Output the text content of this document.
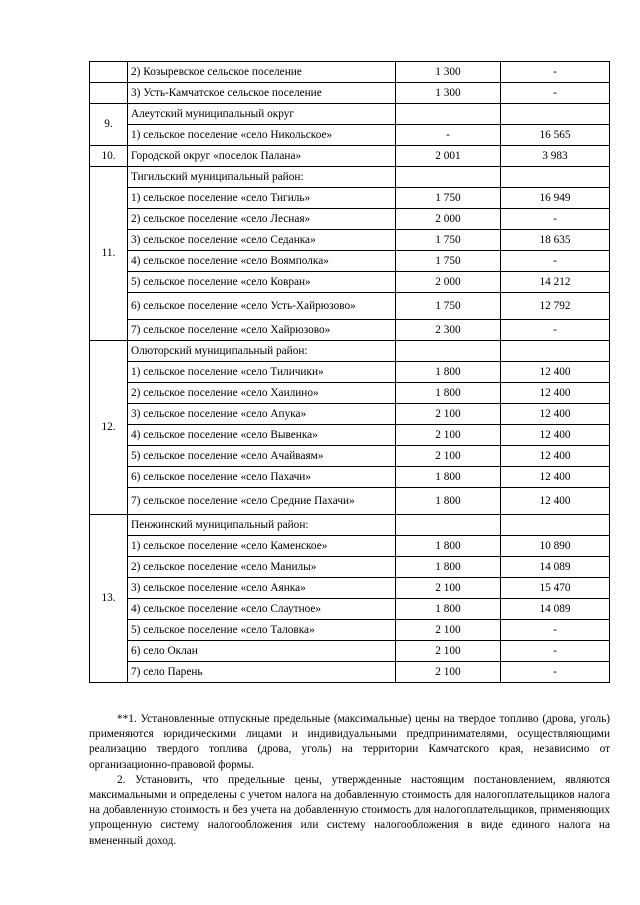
	2) Козыревское сельское поселение	1 300	-
	3) Усть-Камчатское сельское поселение	1 300	-
9.	Алеутский муниципальный округ		
	1) сельское поселение «село Никольское»	-	16 565
10.	Городской округ «поселок Палана»	2 001	3 983
11.	Тигильский муниципальный район:		
	1) сельское поселение «село Тигиль»	1 750	16 949
	2) сельское поселение «село Лесная»	2 000	-
	3) сельское поселение «село Седанка»	1 750	18 635
	4) сельское поселение «село Воямполка»	1 750	-
	5) сельское поселение «село Ковран»	2 000	14 212
	6) сельское поселение «село Усть-Хайрюзово»	1 750	12 792
	7) сельское поселение «село Хайрюзово»	2 300	-
12.	Олюторский муниципальный район:		
	1) сельское поселение «село Тиличики»	1 800	12 400
	2) сельское поселение «село Хаилино»	1 800	12 400
	3) сельское поселение «село Апука»	2 100	12 400
	4) сельское поселение «село Вывенка»	2 100	12 400
	5) сельское поселение «село Ачайваям»	2 100	12 400
	6) сельское поселение «село Пахачи»	1 800	12 400
	7) сельское поселение «село Средние Пахачи»	1 800	12 400
13.	Пенжинский муниципальный район:		
	1) сельское поселение «село Каменское»	1 800	10 890
	2) сельское поселение «село Манилы»	1 800	14 089
	3) сельское поселение «село Аянка»	2 100	15 470
	4) сельское поселение «село Слаутное»	1 800	14 089
	5) сельское поселение «село Таловка»	2 100	-
	6) село Оклан	2 100	-
	7) село Парень	2 100	-

**1. Установленные отпускные предельные (максимальные) цены на твердое топливо (дрова, уголь) применяются юридическими лицами и индивидуальными предпринимателями, осуществляющими реализацию твердого топлива (дрова, уголь) на территории Камчатского края, независимо от организационно-правовой формы.

2. Установить, что предельные цены, утвержденные настоящим постановлением, являются максимальными и определены с учетом налога на добавленную стоимость для налогоплательщиков налога на добавленную стоимость и без учета на добавленную стоимость для налогоплательщиков, применяющих упрощенную систему налогообложения или систему налогообложения в виде единого налога на вмененный доход.
